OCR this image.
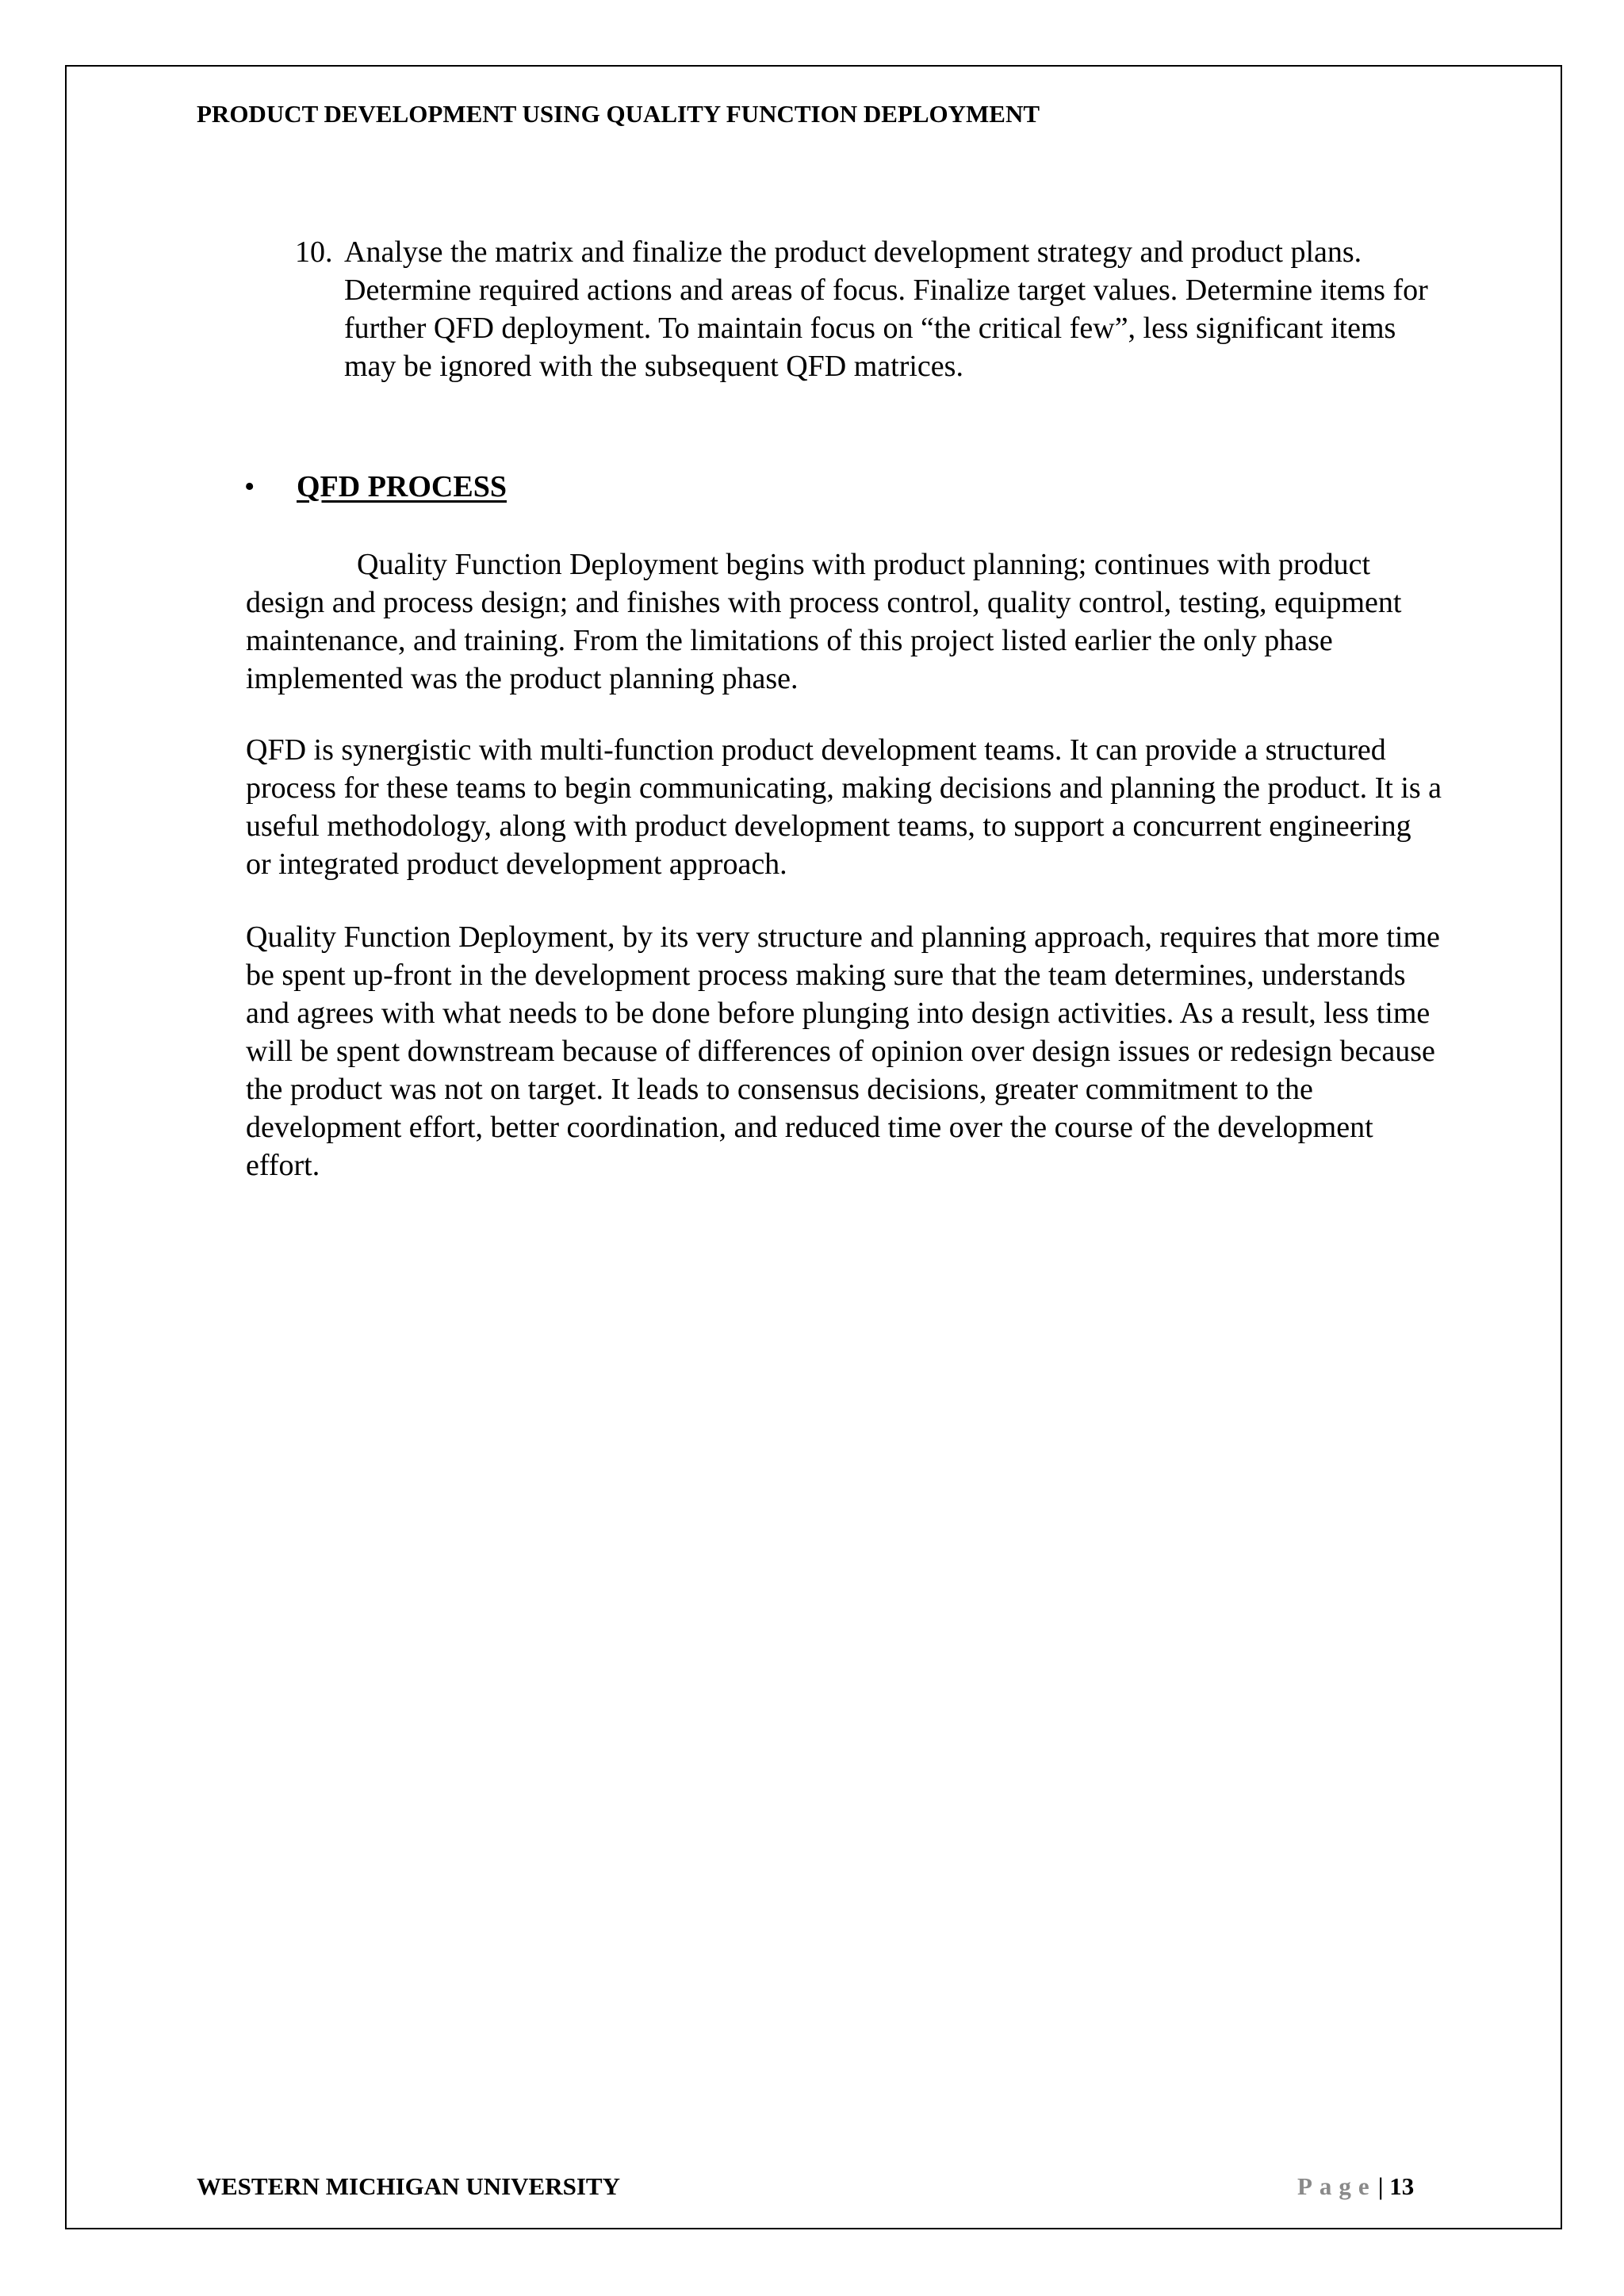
PRODUCT DEVELOPMENT USING QUALITY FUNCTION DEPLOYMENT
10. Analyse the matrix and finalize the product development strategy and product plans. Determine required actions and areas of focus. Finalize target values. Determine items for further QFD deployment. To maintain focus on “the critical few”, less significant items may be ignored with the subsequent QFD matrices.
• QFD PROCESS

Quality Function Deployment begins with product planning; continues with product design and process design; and finishes with process control, quality control, testing, equipment maintenance, and training. From the limitations of this project listed earlier the only phase implemented was the product planning phase.

QFD is synergistic with multi-function product development teams. It can provide a structured process for these teams to begin communicating, making decisions and planning the product. It is a useful methodology, along with product development teams, to support a concurrent engineering or integrated product development approach.

Quality Function Deployment, by its very structure and planning approach, requires that more time be spent up-front in the development process making sure that the team determines, understands and agrees with what needs to be done before plunging into design activities. As a result, less time will be spent downstream because of differences of opinion over design issues or redesign because the product was not on target. It leads to consensus decisions, greater commitment to the development effort, better coordination, and reduced time over the course of the development effort.

WESTERN MICHIGAN UNIVERSITY	Page| 13
